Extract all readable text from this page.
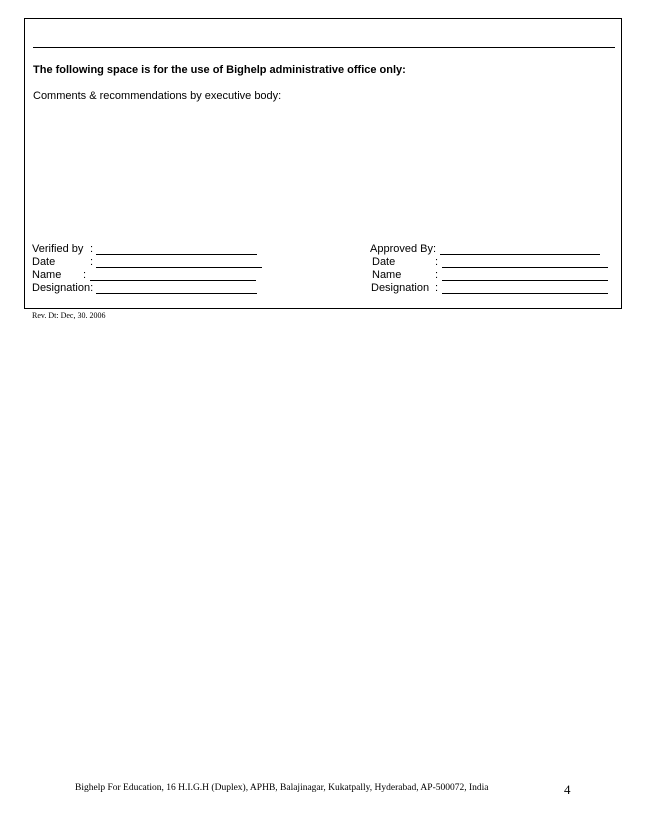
The following space is for the use of Bighelp administrative office only:
Comments & recommendations by executive body:
Verified by :
Date	:
Name :
Designation:
Approved By:
Date	:
Name	:
Designation :
Rev. Dt: Dec, 30. 2006
Bighelp For Education, 16 H.I.G.H (Duplex), APHB, Balajinagar, Kukatpally, Hyderabad, AP-500072, India	4
